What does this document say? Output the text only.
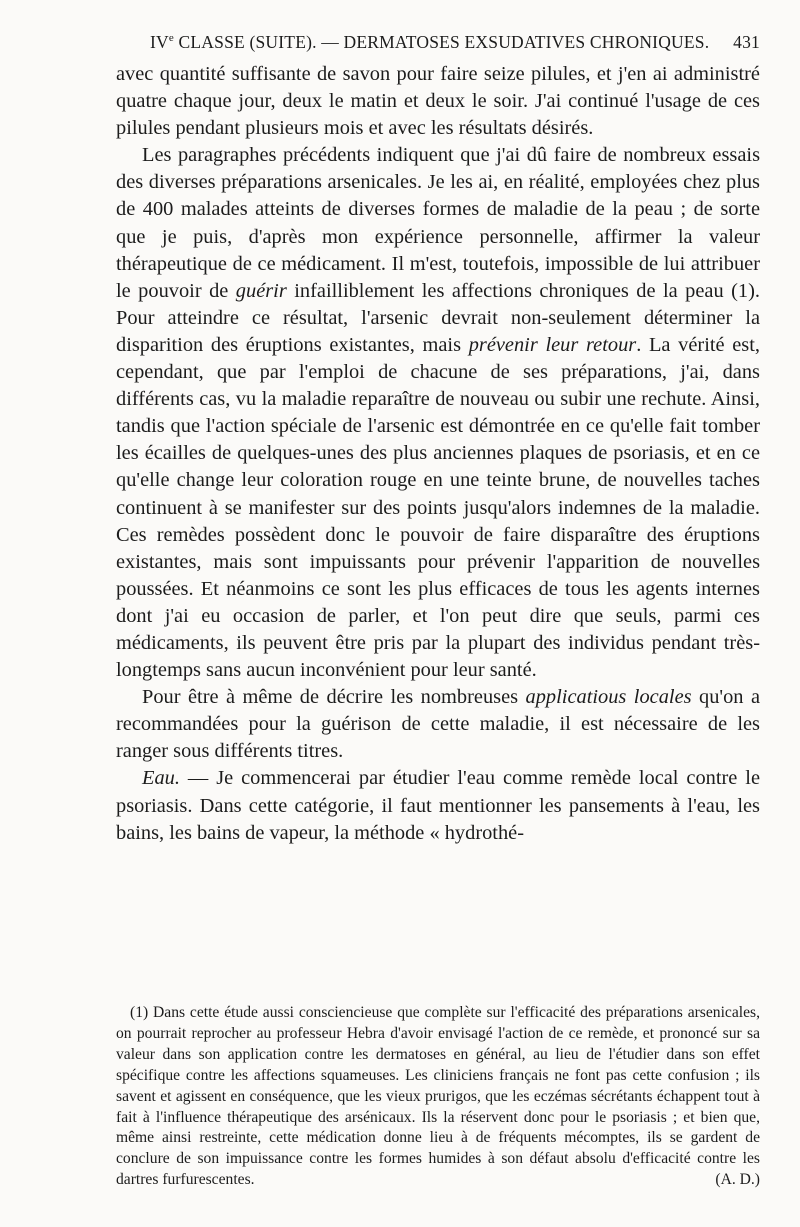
IVe CLASSE (SUITE). — DERMATOSES EXSUDATIVES CHRONIQUES. 431

avec quantité suffisante de savon pour faire seize pilules, et j'en ai administré quatre chaque jour, deux le matin et deux le soir. J'ai continué l'usage de ces pilules pendant plusieurs mois et avec les résultats désirés.

Les paragraphes précédents indiquent que j'ai dû faire de nombreux essais des diverses préparations arsenicales. Je les ai, en réalité, employées chez plus de 400 malades atteints de diverses formes de maladie de la peau ; de sorte que je puis, d'après mon expérience personnelle, affirmer la valeur thérapeutique de ce médicament. Il m'est, toutefois, impossible de lui attribuer le pouvoir de guérir infailliblement les affections chroniques de la peau (1). Pour atteindre ce résultat, l'arsenic devrait non-seulement déterminer la disparition des éruptions existantes, mais prévenir leur retour. La vérité est, cependant, que par l'emploi de chacune de ses préparations, j'ai, dans différents cas, vu la maladie reparaître de nouveau ou subir une rechute. Ainsi, tandis que l'action spéciale de l'arsenic est démontrée en ce qu'elle fait tomber les écailles de quelques-unes des plus anciennes plaques de psoriasis, et en ce qu'elle change leur coloration rouge en une teinte brune, de nouvelles taches continuent à se manifester sur des points jusqu'alors indemnes de la maladie. Ces remèdes possèdent donc le pouvoir de faire disparaître des éruptions existantes, mais sont impuissants pour prévenir l'apparition de nouvelles poussées. Et néanmoins ce sont les plus efficaces de tous les agents internes dont j'ai eu occasion de parler, et l'on peut dire que seuls, parmi ces médicaments, ils peuvent être pris par la plupart des individus pendant très-longtemps sans aucun inconvénient pour leur santé.

Pour être à même de décrire les nombreuses applicatious locales qu'on a recommandées pour la guérison de cette maladie, il est nécessaire de les ranger sous différents titres.

Eau. — Je commencerai par étudier l'eau comme remède local contre le psoriasis. Dans cette catégorie, il faut mentionner les pansements à l'eau, les bains, les bains de vapeur, la méthode « hydrothé-

(1) Dans cette étude aussi consciencieuse que complète sur l'efficacité des préparations arsenicales, on pourrait reprocher au professeur Hebra d'avoir envisagé l'action de ce remède, et prononcé sur sa valeur dans son application contre les dermatoses en général, au lieu de l'étudier dans son effet spécifique contre les affections squameuses. Les cliniciens français ne font pas cette confusion ; ils savent et agissent en conséquence, que les vieux prurigos, que les eczémas sécrétants échappent tout à fait à l'influence thérapeutique des arsénicaux. Ils la réservent donc pour le psoriasis ; et bien que, même ainsi restreinte, cette médication donne lieu à de fréquents mécomptes, ils se gardent de conclure de son impuissance contre les formes humides à son défaut absolu d'efficacité contre les dartres furfurescentes.	(A. D.)
